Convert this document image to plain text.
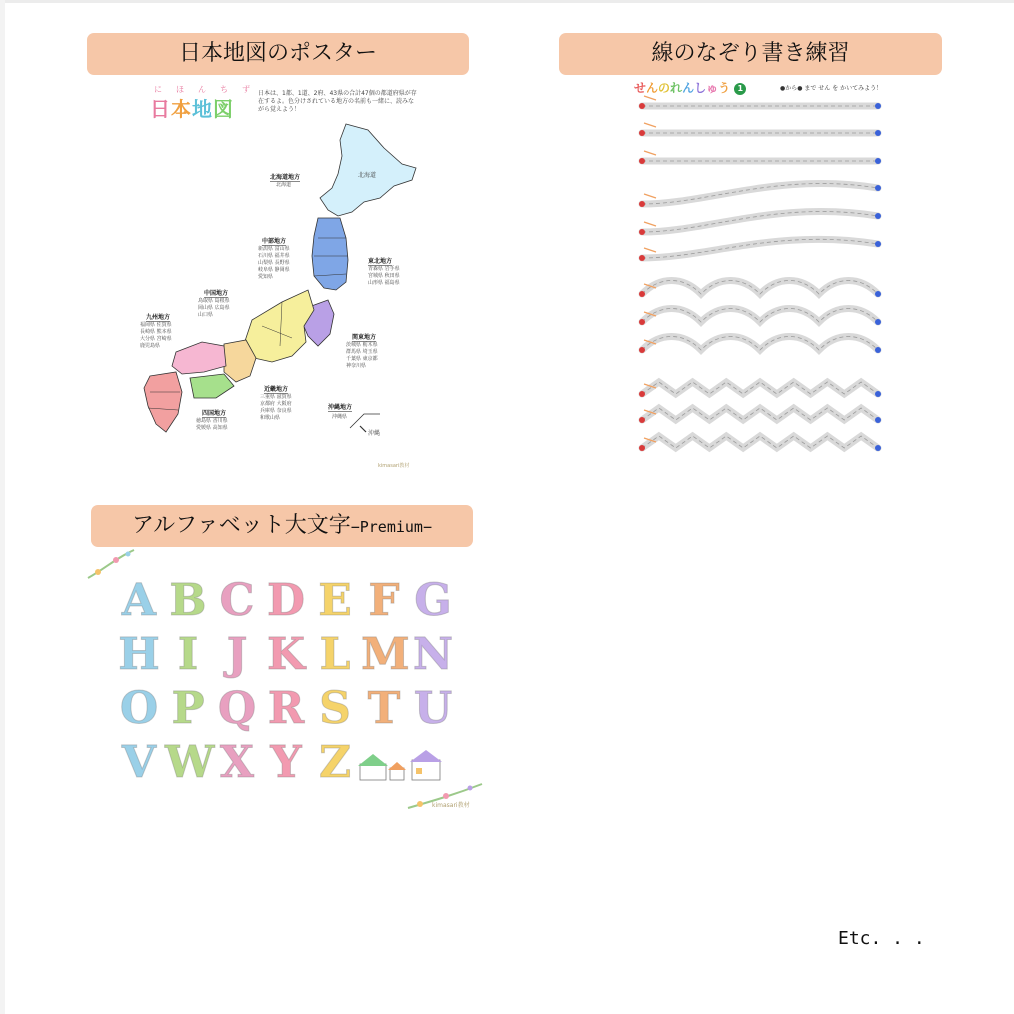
日本地図のポスター
にほんちず
日本地図
日本は、1都、1道、2府、43県の合計47個の都道府県が存在するよ。色分けされている地方の名前も一緒に、読みながら覚えよう！
北海道
沖縄
北海道地方
北海道
東北地方
青森県 岩手県
宮城県 秋田県
山形県 福島県
中部地方
新潟県 富山県
石川県 福井県
山梨県 長野県
岐阜県 静岡県
愛知県
関東地方
茨城県 栃木県
群馬県 埼玉県
千葉県 東京都
神奈川県
中国地方
鳥取県 島根県
岡山県 広島県
山口県
九州地方
福岡県 佐賀県
長崎県 熊本県
大分県 宮崎県
鹿児島県
四国地方
徳島県 香川県
愛媛県 高知県
近畿地方
三重県 滋賀県
京都府 大阪府
兵庫県 奈良県
和歌山県
沖縄地方
沖縄県
kimasari教材
線のなぞり書き練習
せんのれんしゅう 1	●から● まで せん を かいてみよう！
アルファベット大文字−Premium−
kimasari教材
A B C D E F G
H I J K L M N
O P Q R S T U
V W X Y Z
Etc. . .
